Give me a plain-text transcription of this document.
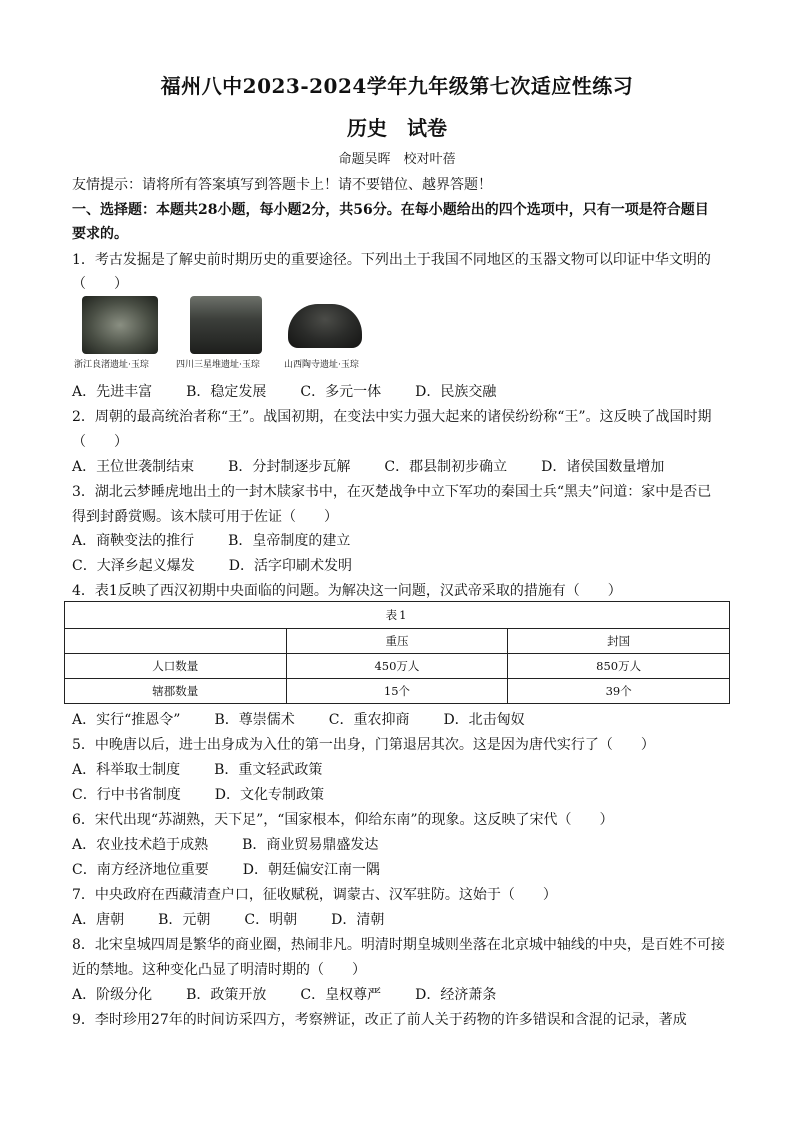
福州八中2023-2024学年九年级第七次适应性练习
历史　试卷
命题吴晖　校对叶蓓
友情提示：请将所有答案填写到答题卡上！请不要错位、越界答题！
一、选择题：本题共28小题，每小题2分，共56分。在每小题给出的四个选项中，只有一项是符合题目
要求的。
1．考古发掘是了解史前时期历史的重要途径。下列出土于我国不同地区的玉器文物可以印证中华文明的
（　　）
浙江良渚遗址·玉琮	四川三星堆遗址·玉琮	山西陶寺遗址·玉琮
A．先进丰富 B．稳定发展 C．多元一体 D．民族交融
2．周朝的最高统治者称“王”。战国初期，在变法中实力强大起来的诸侯纷纷称“王”。这反映了战国时期
（　　）
A．王位世袭制结束 B．分封制逐步瓦解 C．郡县制初步确立 D．诸侯国数量增加
3．湖北云梦睡虎地出土的一封木牍家书中，在灭楚战争中立下军功的秦国士兵“黑夫”问道：家中是否已
得到封爵赏赐。该木牍可用于佐证（　　）
A．商鞅变法的推行 B．皇帝制度的建立
C．大泽乡起义爆发 D．活字印刷术发明
4．表1反映了西汉初期中央面临的问题。为解决这一问题，汉武帝采取的措施有（　　）
表1		
	重压	封国
人口数量	450万人	850万人
辖郡数量	15个	39个
A．实行“推恩令” B．尊崇儒术 C．重农抑商 D．北击匈奴
5．中晚唐以后，进士出身成为入仕的第一出身，门第退居其次。这是因为唐代实行了（　　）
A．科举取士制度 B．重文轻武政策
C．行中书省制度 D．文化专制政策
6．宋代出现“苏湖熟，天下足”，“国家根本，仰给东南”的现象。这反映了宋代（　　）
A．农业技术趋于成熟 B．商业贸易鼎盛发达
C．南方经济地位重要 D．朝廷偏安江南一隅
7．中央政府在西藏清查户口，征收赋税，调蒙古、汉军驻防。这始于（　　）
A．唐朝 B．元朝 C．明朝 D．清朝
8．北宋皇城四周是繁华的商业圈，热闹非凡。明清时期皇城则坐落在北京城中轴线的中央，是百姓不可接
近的禁地。这种变化凸显了明清时期的（　　）
A．阶级分化 B．政策开放 C．皇权尊严 D．经济萧条
9．李时珍用27年的时间访采四方，考察辨证，改正了前人关于药物的许多错误和含混的记录，著成
